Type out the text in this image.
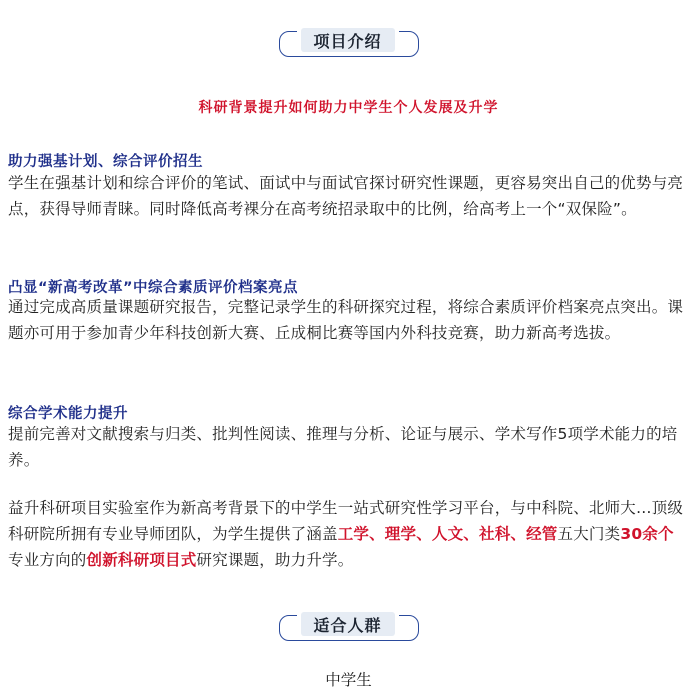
项目介绍
科研背景提升如何助力中学生个人发展及升学
助力强基计划、综合评价招生
学生在强基计划和综合评价的笔试、面试中与面试官探讨研究性课题，更容易突出自己的优势与亮点，获得导师青睐。同时降低高考裸分在高考统招录取中的比例，给高考上一个“双保险”。
凸显“新高考改革”中综合素质评价档案亮点
通过完成高质量课题研究报告，完整记录学生的科研探究过程，将综合素质评价档案亮点突出。课题亦可用于参加青少年科技创新大赛、丘成桐比赛等国内外科技竞赛，助力新高考选拔。
综合学术能力提升
提前完善对文献搜索与归类、批判性阅读、推理与分析、论证与展示、学术写作5项学术能力的培养。
益升科研项目实验室作为新高考背景下的中学生一站式研究性学习平台，与中科院、北师大…顶级科研院所拥有专业导师团队，为学生提供了涵盖工学、理学、人文、社科、经管五大门类30余个专业方向的创新科研项目式研究课题，助力升学。
适合人群
中学生
